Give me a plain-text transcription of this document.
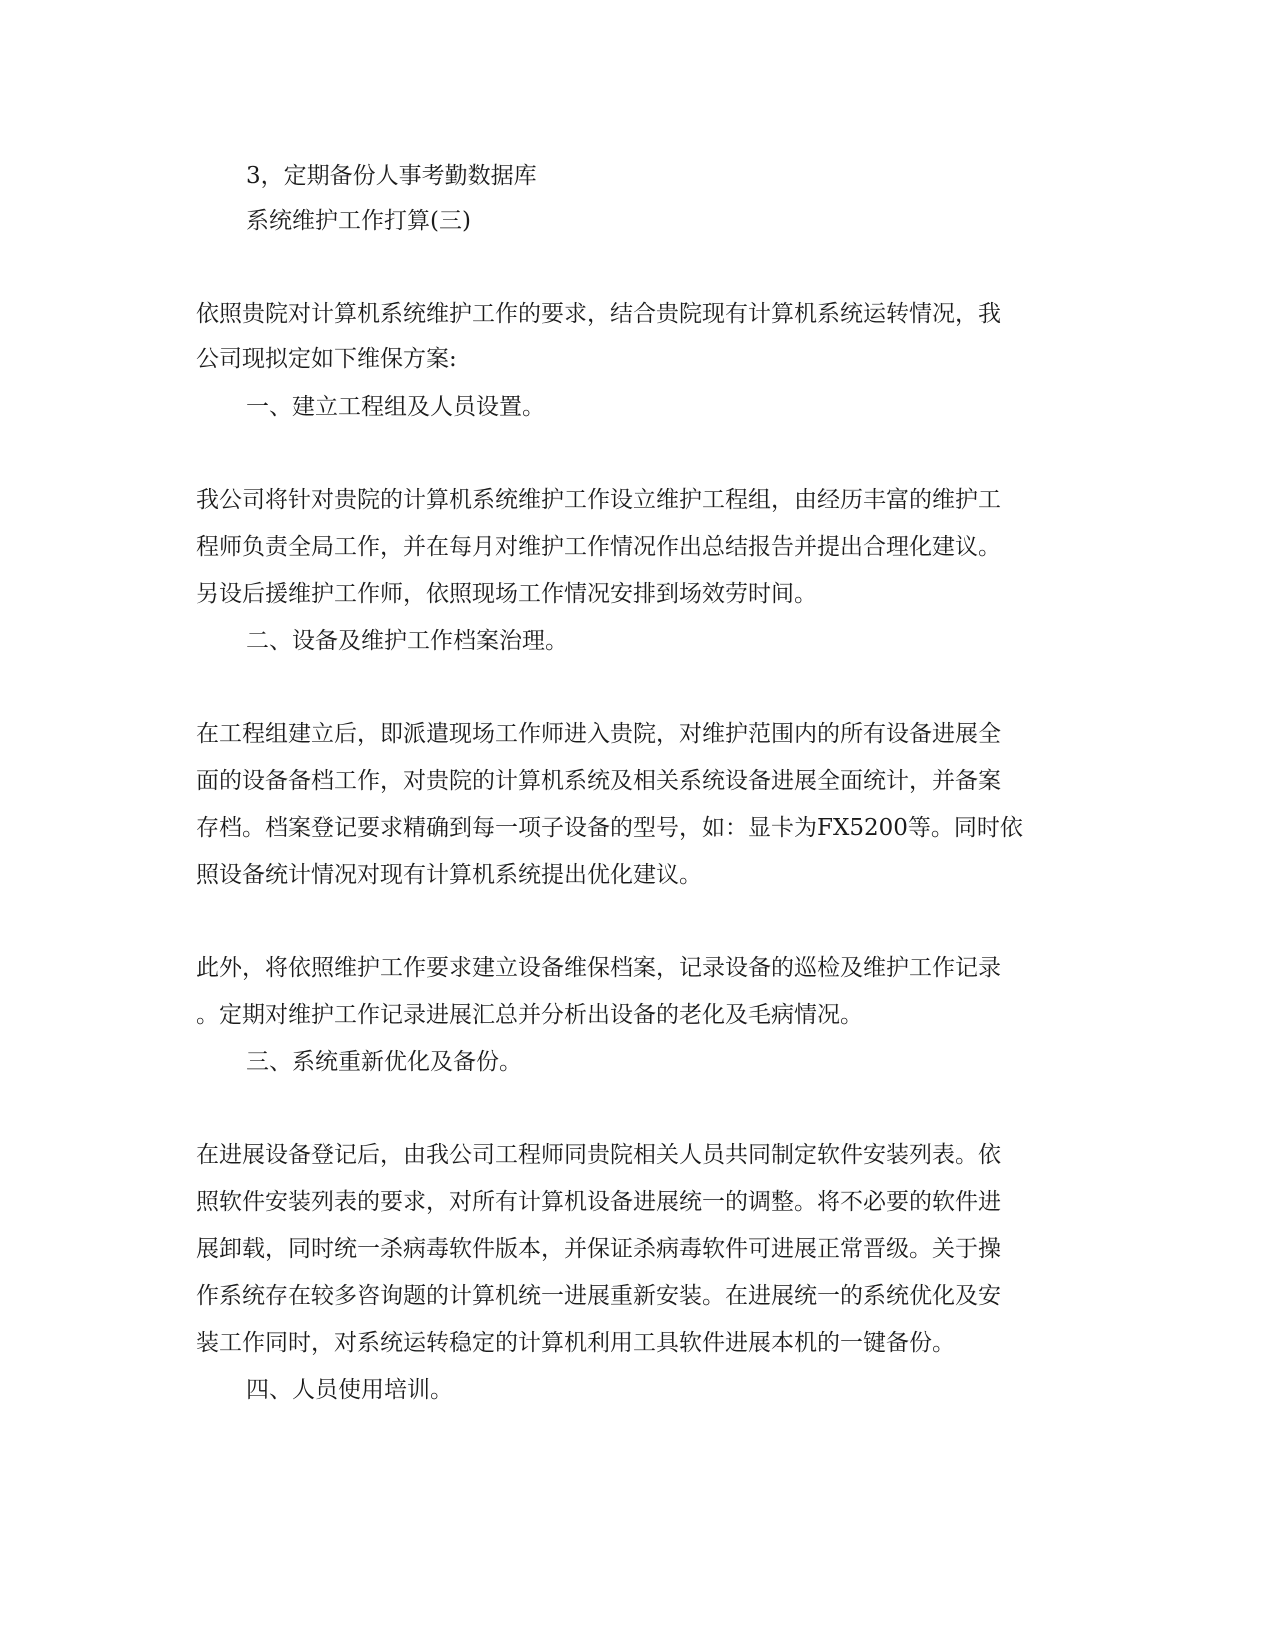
3，定期备份人事考勤数据库
系统维护工作打算(三)
依照贵院对计算机系统维护工作的要求，结合贵院现有计算机系统运转情况，我
公司现拟定如下维保方案:
一、建立工程组及人员设置。
我公司将针对贵院的计算机系统维护工作设立维护工程组，由经历丰富的维护工
程师负责全局工作，并在每月对维护工作情况作出总结报告并提出合理化建议。
另设后援维护工作师，依照现场工作情况安排到场效劳时间。
二、设备及维护工作档案治理。
在工程组建立后，即派遣现场工作师进入贵院，对维护范围内的所有设备进展全
面的设备备档工作，对贵院的计算机系统及相关系统设备进展全面统计，并备案
存档。档案登记要求精确到每一项子设备的型号，如：显卡为FX5200等。同时依
照设备统计情况对现有计算机系统提出优化建议。
此外，将依照维护工作要求建立设备维保档案，记录设备的巡检及维护工作记录
。定期对维护工作记录进展汇总并分析出设备的老化及毛病情况。
三、系统重新优化及备份。
在进展设备登记后，由我公司工程师同贵院相关人员共同制定软件安装列表。依
照软件安装列表的要求，对所有计算机设备进展统一的调整。将不必要的软件进
展卸载，同时统一杀病毒软件版本，并保证杀病毒软件可进展正常晋级。关于操
作系统存在较多咨询题的计算机统一进展重新安装。在进展统一的系统优化及安
装工作同时，对系统运转稳定的计算机利用工具软件进展本机的一键备份。
四、人员使用培训。
